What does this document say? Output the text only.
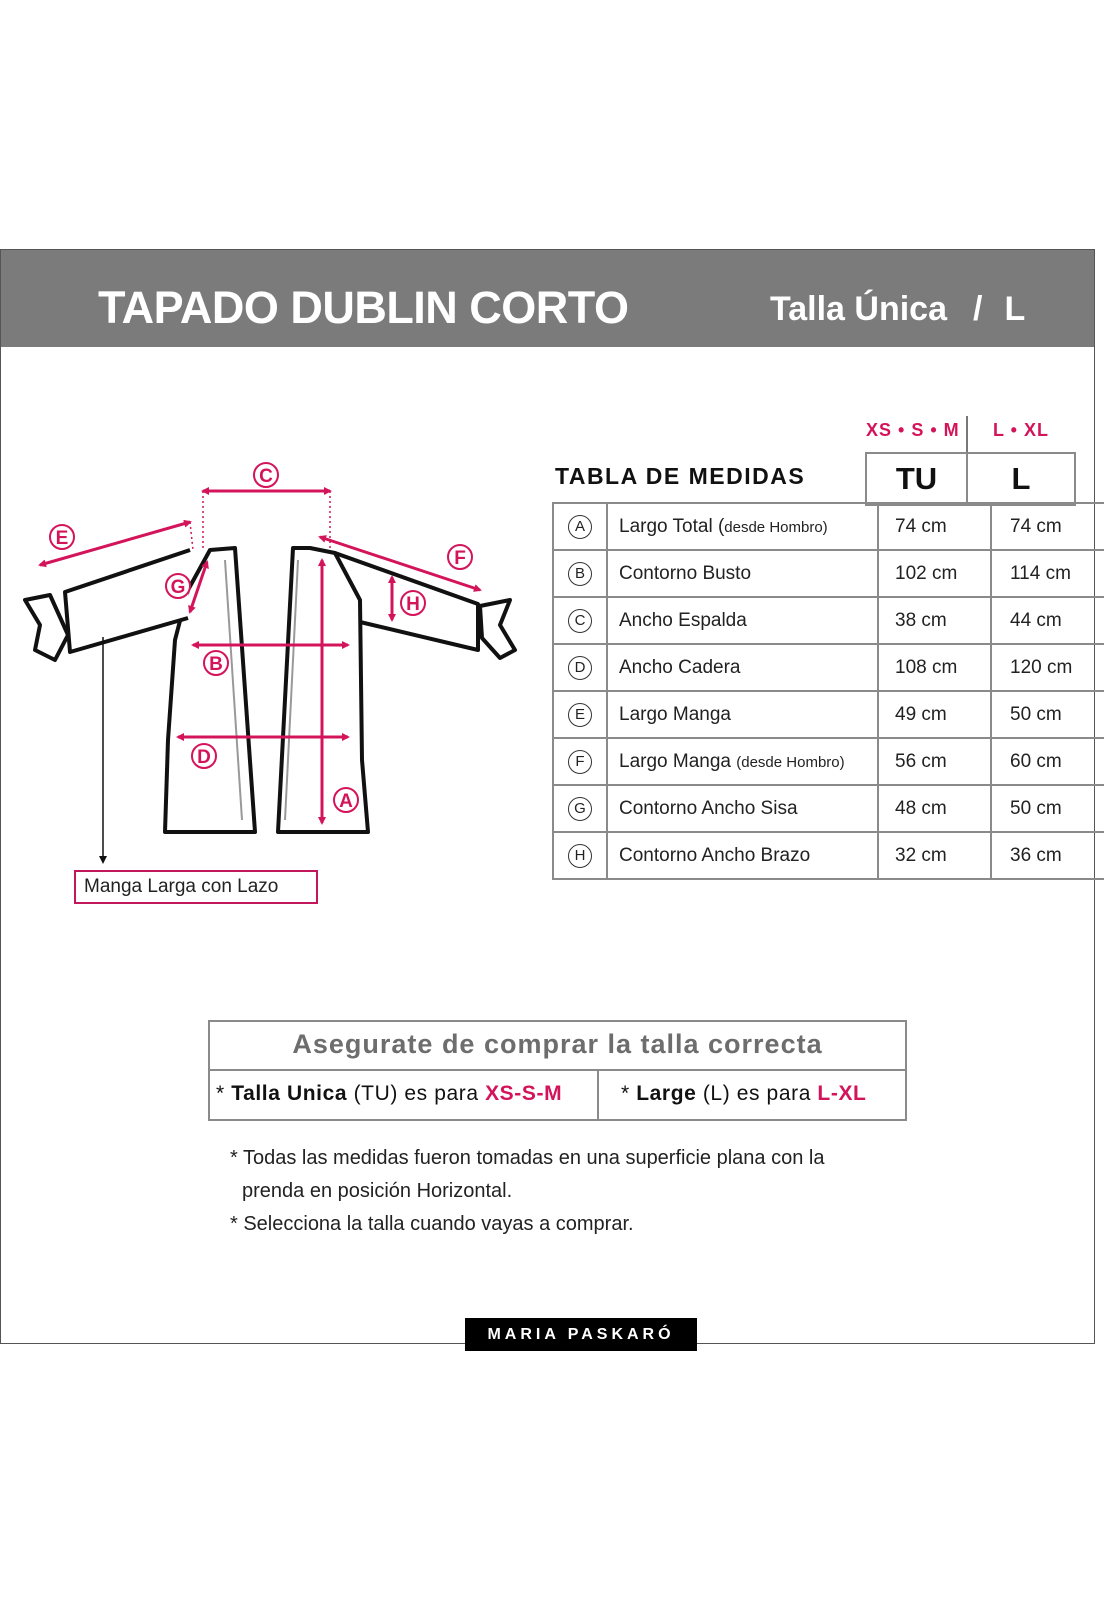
TAPADO DUBLIN CORTO	Talla Única / L
XS • S • M L • XL
TABLA DE MEDIDAS	TU	L
A	Largo Total (desde Hombro)	74 cm	74 cm
B	Contorno Busto	102 cm	114 cm
C	Ancho Espalda	38 cm	44 cm
D	Ancho Cadera	108 cm	120 cm
E	Largo Manga	49 cm	50 cm
F	Largo Manga (desde Hombro)	56 cm	60 cm
G	Contorno Ancho Sisa	48 cm	50 cm
H	Contorno Ancho Brazo	32 cm	36 cm
C
E
F
G
H
B
D
A
Manga Larga con Lazo
Asegurate de comprar la talla correcta
* Talla Unica (TU) es para XS-S-M	* Large (L) es para L-XL
* Todas las medidas fueron tomadas en una superficie plana con la
prenda en posición Horizontal.
* Selecciona la talla cuando vayas a comprar.
MARIA PASKARÓ
